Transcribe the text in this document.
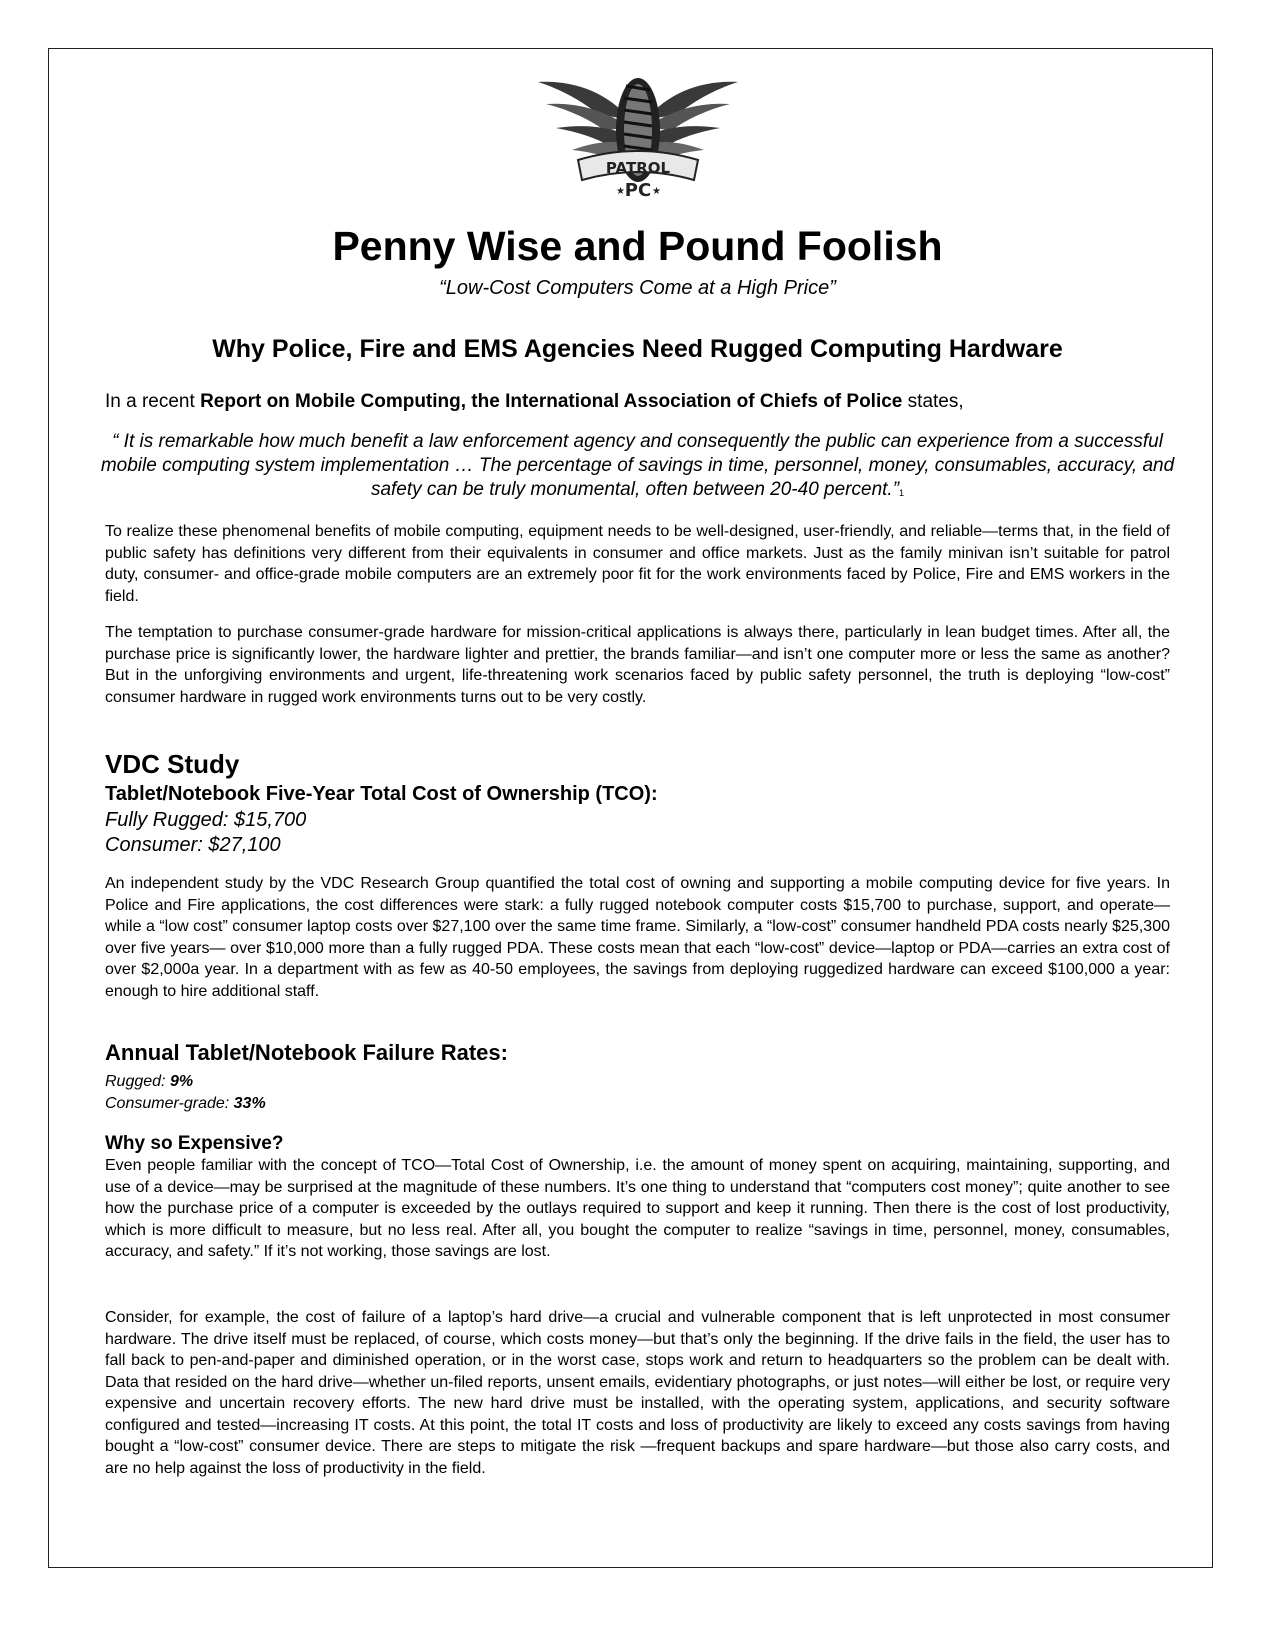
PATROL
PC
★	★
Penny Wise and Pound Foolish
“Low-Cost Computers Come at a High Price”
Why Police, Fire and EMS Agencies Need Rugged Computing Hardware
In a recent Report on Mobile Computing, the International Association of Chiefs of Police states,
“ It is remarkable how much benefit a law enforcement agency and consequently the public can experience from a successful mobile computing system implementation … The percentage of savings in time, personnel, money, consumables, accuracy, and safety can be truly monumental, often between 20-40 percent.”1

To realize these phenomenal benefits of mobile computing, equipment needs to be well-designed, user-friendly, and reliable—terms that, in the field of public safety has definitions very different from their equivalents in consumer and office markets. Just as the family minivan isn’t suitable for patrol duty, consumer- and office-grade mobile computers are an extremely poor fit for the work environments faced by Police, Fire and EMS workers in the field.

The temptation to purchase consumer-grade hardware for mission-critical applications is always there, particularly in lean budget times. After all, the purchase price is significantly lower, the hardware lighter and prettier, the brands familiar—and isn’t one computer more or less the same as another? But in the unforgiving environments and urgent, life-threatening work scenarios faced by public safety personnel, the truth is deploying “low-cost” consumer hardware in rugged work environments turns out to be very costly.

VDC Study
Tablet/Notebook Five-Year Total Cost of Ownership (TCO):
Fully Rugged: $15,700
Consumer: $27,100

An independent study by the VDC Research Group quantified the total cost of owning and supporting a mobile computing device for five years. In Police and Fire applications, the cost differences were stark: a fully rugged notebook computer costs $15,700 to purchase, support, and operate—while a “low cost” consumer laptop costs over $27,100 over the same time frame. Similarly, a “low-cost” consumer handheld PDA costs nearly $25,300 over five years— over $10,000 more than a fully rugged PDA. These costs mean that each “low-cost” device—laptop or PDA—carries an extra cost of over $2,000a year. In a department with as few as 40-50 employees, the savings from deploying ruggedized hardware can exceed $100,000 a year: enough to hire additional staff.

Annual Tablet/Notebook Failure Rates:
Rugged: 9%
Consumer-grade: 33%
Why so Expensive?

Even people familiar with the concept of TCO—Total Cost of Ownership, i.e. the amount of money spent on acquiring, maintaining, supporting, and use of a device—may be surprised at the magnitude of these numbers. It’s one thing to understand that “computers cost money”; quite another to see how the purchase price of a computer is exceeded by the outlays required to support and keep it running. Then there is the cost of lost productivity, which is more difficult to measure, but no less real. After all, you bought the computer to realize “savings in time, personnel, money, consumables, accuracy, and safety.” If it’s not working, those savings are lost.

Consider, for example, the cost of failure of a laptop’s hard drive—a crucial and vulnerable component that is left unprotected in most consumer hardware. The drive itself must be replaced, of course, which costs money—but that’s only the beginning. If the drive fails in the field, the user has to fall back to pen-and-paper and diminished operation, or in the worst case, stops work and return to headquarters so the problem can be dealt with. Data that resided on the hard drive—whether un-filed reports, unsent emails, evidentiary photographs, or just notes—will either be lost, or require very expensive and uncertain recovery efforts. The new hard drive must be installed, with the operating system, applications, and security software configured and tested—increasing IT costs. At this point, the total IT costs and loss of productivity are likely to exceed any costs savings from having bought a “low-cost” consumer device. There are steps to mitigate the risk —frequent backups and spare hardware—but those also carry costs, and are no help against the loss of productivity in the field.
